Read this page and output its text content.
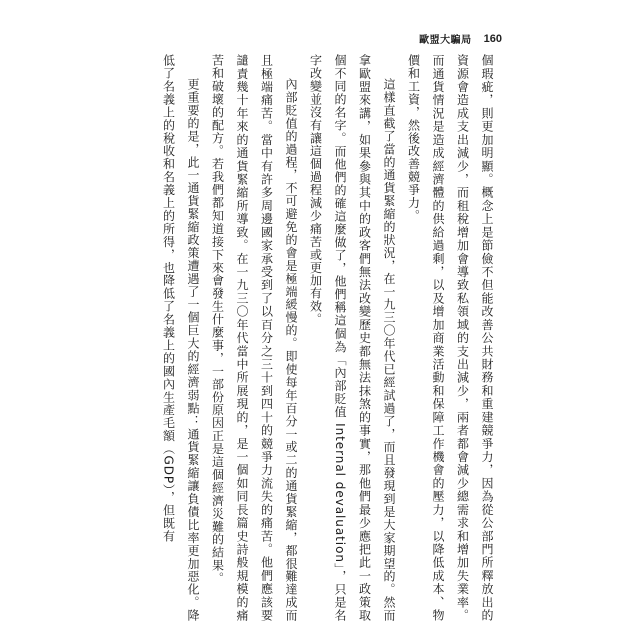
歐盟大騙局 160

個瑕疵，則更加明顯。概念上是節儉不但能改善公共財務和重建競爭力，因為從公部門所釋放出的資源會造成支出減少，而租稅增加會導致私領域的支出減少，兩者都會減少總需求和增加失業率。而通貨情況是造成經濟體的供給過剩，以及增加商業活動和保障工作機會的壓力，以降低成本、物價和工資，然後改善競爭力。

這樣直截了當的通貨緊縮的狀況，在一九三〇年代已經試過了，而且發現到是大家期望的。然而拿歐盟來講，如果參與其中的政客們無法改變歷史都無法抹煞的事實，那他們最少應把此一政策取個不同的名字。而他們的確這麼做了，他們稱這個為「內部貶值 Internal devaluation」，只是名字改變並沒有讓這個過程減少痛苦或更加有效。

內部貶值的過程，不可避免的會是極端緩慢的。即使每年百分一或二的通貨緊縮，都很難達成而且極端痛苦。當中有許多周邊國家承受到了以百分之三十到四十的競爭力流失的痛苦。他們應該要譴責幾十年來的通貨緊縮所導致。在一九三〇年代當中所展現的，是一個如同長篇史詩般規模的痛苦和破壞的配方。若我們都知道接下來會發生什麼事，一部份原因正是這個經濟災難的結果。

更重要的是，此一通貨緊縮政策遭遇了一個巨大的經濟弱點：通貨緊縮讓負債比率更加惡化。降低了名義上的稅收和名義上的所得，也降低了名義上的國內生產毛額（GDP），但既有
